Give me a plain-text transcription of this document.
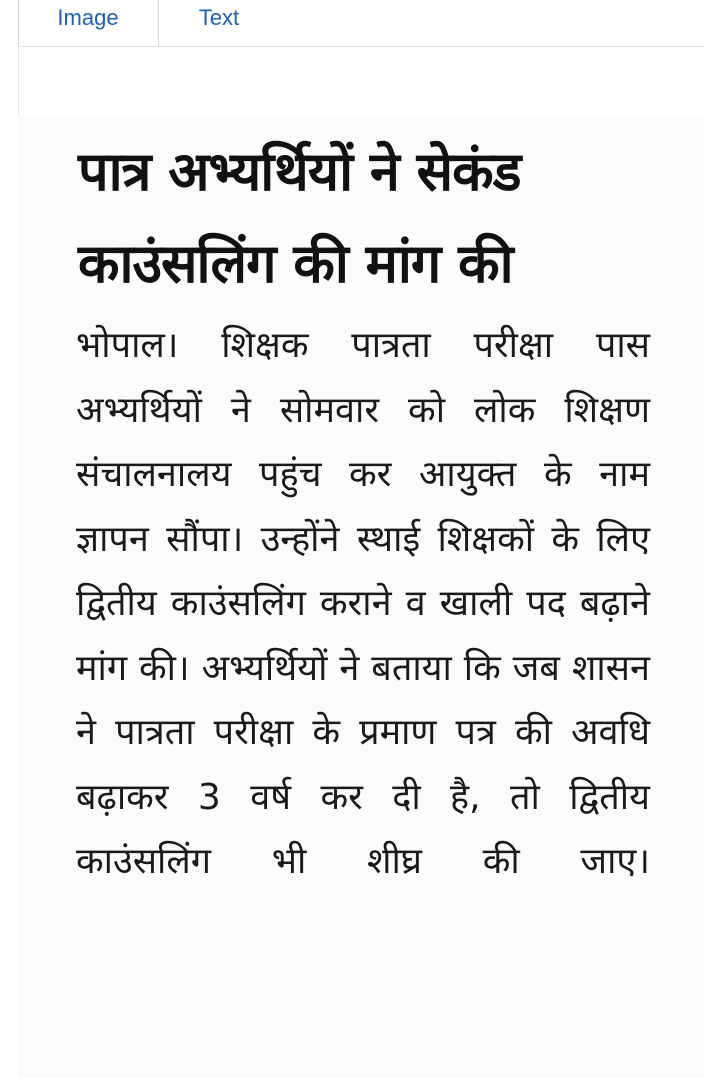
Image	Text
पात्र अभ्यर्थियों ने सेकंड काउंसलिंग की मांग की

भोपाल। शिक्षक पात्रता परीक्षा पास अभ्यर्थियों ने सोमवार को लोक शिक्षण संचालनालय पहुंच कर आयुक्त के नाम ज्ञापन सौंपा। उन्होंने स्थाई शिक्षकों के लिए द्वितीय काउंसलिंग कराने व खाली पद बढ़ाने मांग की। अभ्यर्थियों ने बताया कि जब शासन ने पात्रता परीक्षा के प्रमाण पत्र की अवधि बढ़ाकर 3 वर्ष कर दी है, तो द्वितीय काउंसलिंग भी शीघ्र की जाए।
